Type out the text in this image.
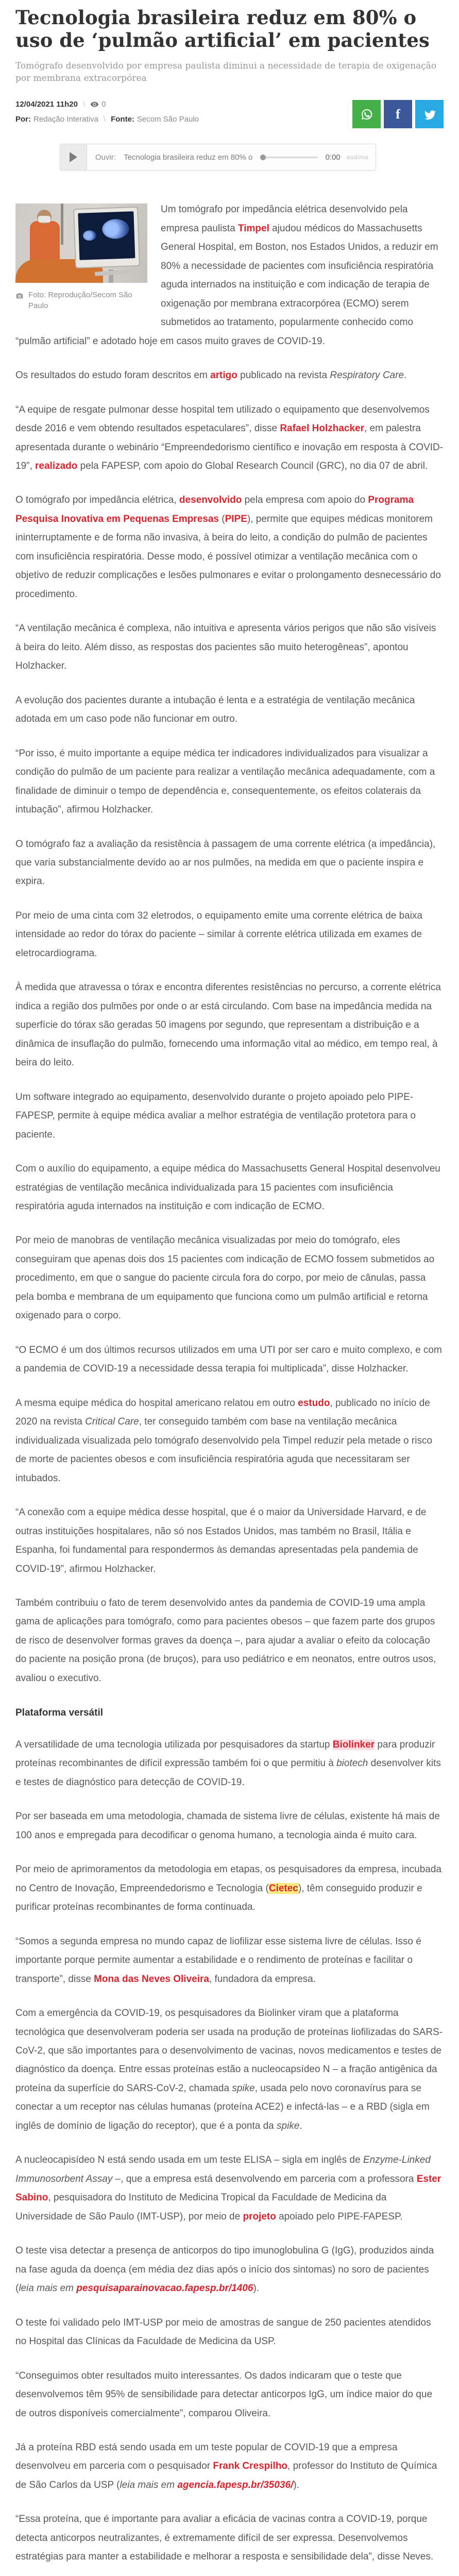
Tecnologia brasileira reduz em 80% o uso de ‘pulmão artificial’ em pacientes

Tomógrafo desenvolvido por empresa paulista diminui a necessidade de terapia de oxigenação por membrana extracorpórea

12/04/2021 11h20 \ 0
Por: Redação Interativa \ Fonte: Secom São Paulo	f
Ouvir:	Tecnologia brasileira reduz em 80% o	0:00 audima
Foto: Reprodução/Secom São Paulo

Um tomógrafo por impedância elétrica desenvolvido pela empresa paulista Timpel ajudou médicos do Massachusetts General Hospital, em Boston, nos Estados Unidos, a reduzir em 80% a necessidade de pacientes com insuficiência respiratória aguda internados na instituição e com indicação de terapia de oxigenação por membrana extracorpórea (ECMO) serem submetidos ao tratamento, popularmente conhecido como “pulmão artificial” e adotado hoje em casos muito graves de COVID-19.

Os resultados do estudo foram descritos em artigo publicado na revista Respiratory Care.

“A equipe de resgate pulmonar desse hospital tem utilizado o equipamento que desenvolvemos desde 2016 e vem obtendo resultados espetaculares”, disse Rafael Holzhacker, em palestra apresentada durante o webinário “Empreendedorismo científico e inovação em resposta à COVID-19”, realizado pela FAPESP, com apoio do Global Research Council (GRC), no dia 07 de abril.

O tomógrafo por impedância elétrica, desenvolvido pela empresa com apoio do Programa Pesquisa Inovativa em Pequenas Empresas (PIPE), permite que equipes médicas monitorem ininterruptamente e de forma não invasiva, à beira do leito, a condição do pulmão de pacientes com insuficiência respiratória. Desse modo, é possível otimizar a ventilação mecânica com o objetivo de reduzir complicações e lesões pulmonares e evitar o prolongamento desnecessário do procedimento.

“A ventilação mecânica é complexa, não intuitiva e apresenta vários perigos que não são visíveis à beira do leito. Além disso, as respostas dos pacientes são muito heterogêneas”, apontou Holzhacker.

A evolução dos pacientes durante a intubação é lenta e a estratégia de ventilação mecânica adotada em um caso pode não funcionar em outro.

“Por isso, é muito importante a equipe médica ter indicadores individualizados para visualizar a condição do pulmão de um paciente para realizar a ventilação mecânica adequadamente, com a finalidade de diminuir o tempo de dependência e, consequentemente, os efeitos colaterais da intubação”, afirmou Holzhacker.

O tomógrafo faz a avaliação da resistência à passagem de uma corrente elétrica (a impedância), que varia substancialmente devido ao ar nos pulmões, na medida em que o paciente inspira e expira.

Por meio de uma cinta com 32 eletrodos, o equipamento emite uma corrente elétrica de baixa intensidade ao redor do tórax do paciente – similar à corrente elétrica utilizada em exames de eletrocardiograma.

À medida que atravessa o tórax e encontra diferentes resistências no percurso, a corrente elétrica indica a região dos pulmões por onde o ar está circulando. Com base na impedância medida na superfície do tórax são geradas 50 imagens por segundo, que representam a distribuição e a dinâmica de insuflação do pulmão, fornecendo uma informação vital ao médico, em tempo real, à beira do leito.

Um software integrado ao equipamento, desenvolvido durante o projeto apoiado pelo PIPE-FAPESP, permite à equipe médica avaliar a melhor estratégia de ventilação protetora para o paciente.

Com o auxílio do equipamento, a equipe médica do Massachusetts General Hospital desenvolveu estratégias de ventilação mecânica individualizada para 15 pacientes com insuficiência respiratória aguda internados na instituição e com indicação de ECMO.

Por meio de manobras de ventilação mecânica visualizadas por meio do tomógrafo, eles conseguiram que apenas dois dos 15 pacientes com indicação de ECMO fossem submetidos ao procedimento, em que o sangue do paciente circula fora do corpo, por meio de cânulas, passa pela bomba e membrana de um equipamento que funciona como um pulmão artificial e retorna oxigenado para o corpo.

“O ECMO é um dos últimos recursos utilizados em uma UTI por ser caro e muito complexo, e com a pandemia de COVID-19 a necessidade dessa terapia foi multiplicada”, disse Holzhacker.

A mesma equipe médica do hospital americano relatou em outro estudo, publicado no início de 2020 na revista Critical Care, ter conseguido também com base na ventilação mecânica individualizada visualizada pelo tomógrafo desenvolvido pela Timpel reduzir pela metade o risco de morte de pacientes obesos e com insuficiência respiratória aguda que necessitaram ser intubados.

“A conexão com a equipe médica desse hospital, que é o maior da Universidade Harvard, e de outras instituições hospitalares, não só nos Estados Unidos, mas também no Brasil, Itália e Espanha, foi fundamental para respondermos às demandas apresentadas pela pandemia de COVID-19”, afirmou Holzhacker.

Também contribuiu o fato de terem desenvolvido antes da pandemia de COVID-19 uma ampla gama de aplicações para tomógrafo, como para pacientes obesos – que fazem parte dos grupos de risco de desenvolver formas graves da doença –, para ajudar a avaliar o efeito da colocação do paciente na posição prona (de bruços), para uso pediátrico e em neonatos, entre outros usos, avaliou o executivo.

Plataforma versátil

A versatilidade de uma tecnologia utilizada por pesquisadores da startup Biolinker para produzir proteínas recombinantes de difícil expressão também foi o que permitiu à biotech desenvolver kits e testes de diagnóstico para detecção de COVID-19.

Por ser baseada em uma metodologia, chamada de sistema livre de células, existente há mais de 100 anos e empregada para decodificar o genoma humano, a tecnologia ainda é muito cara.

Por meio de aprimoramentos da metodologia em etapas, os pesquisadores da empresa, incubada no Centro de Inovação, Empreendedorismo e Tecnologia (Cietec), têm conseguido produzir e purificar proteínas recombinantes de forma continuada.

“Somos a segunda empresa no mundo capaz de liofilizar esse sistema livre de células. Isso é importante porque permite aumentar a estabilidade e o rendimento de proteínas e facilitar o transporte”, disse Mona das Neves Oliveira, fundadora da empresa.

Com a emergência da COVID-19, os pesquisadores da Biolinker viram que a plataforma tecnológica que desenvolveram poderia ser usada na produção de proteínas liofilizadas do SARS-CoV-2, que são importantes para o desenvolvimento de vacinas, novos medicamentos e testes de diagnóstico da doença. Entre essas proteínas estão a nucleocapsídeo N – a fração antigênica da proteína da superfície do SARS-CoV-2, chamada spike, usada pelo novo coronavírus para se conectar a um receptor nas células humanas (proteína ACE2) e infectá-las – e a RBD (sigla em inglês de domínio de ligação do receptor), que é a ponta da spike.

A nucleocapisídeo N está sendo usada em um teste ELISA – sigla em inglês de Enzyme-Linked Immunosorbent Assay –, que a empresa está desenvolvendo em parceria com a professora Ester Sabino, pesquisadora do Instituto de Medicina Tropical da Faculdade de Medicina da Universidade de São Paulo (IMT-USP), por meio de projeto apoiado pelo PIPE-FAPESP.

O teste visa detectar a presença de anticorpos do tipo imunoglobulina G (IgG), produzidos ainda na fase aguda da doença (em média dez dias após o início dos sintomas) no soro de pacientes (leia mais em pesquisaparainovacao.fapesp.br/1406).

O teste foi validado pelo IMT-USP por meio de amostras de sangue de 250 pacientes atendidos no Hospital das Clínicas da Faculdade de Medicina da USP.

“Conseguimos obter resultados muito interessantes. Os dados indicaram que o teste que desenvolvemos têm 95% de sensibilidade para detectar anticorpos IgG, um índice maior do que de outros disponíveis comercialmente”, comparou Oliveira.

Já a proteína RBD está sendo usada em um teste popular de COVID-19 que a empresa desenvolveu em parceria com o pesquisador Frank Crespilho, professor do Instituto de Química de São Carlos da USP (leia mais em agencia.fapesp.br/35036/).

“Essa proteína, que é importante para avaliar a eficácia de vacinas contra a COVID-19, porque detecta anticorpos neutralizantes, é extremamente difícil de ser expressa. Desenvolvemos estratégias para manter a estabilidade e melhorar a resposta e sensibilidade dela”, disse Neves.
